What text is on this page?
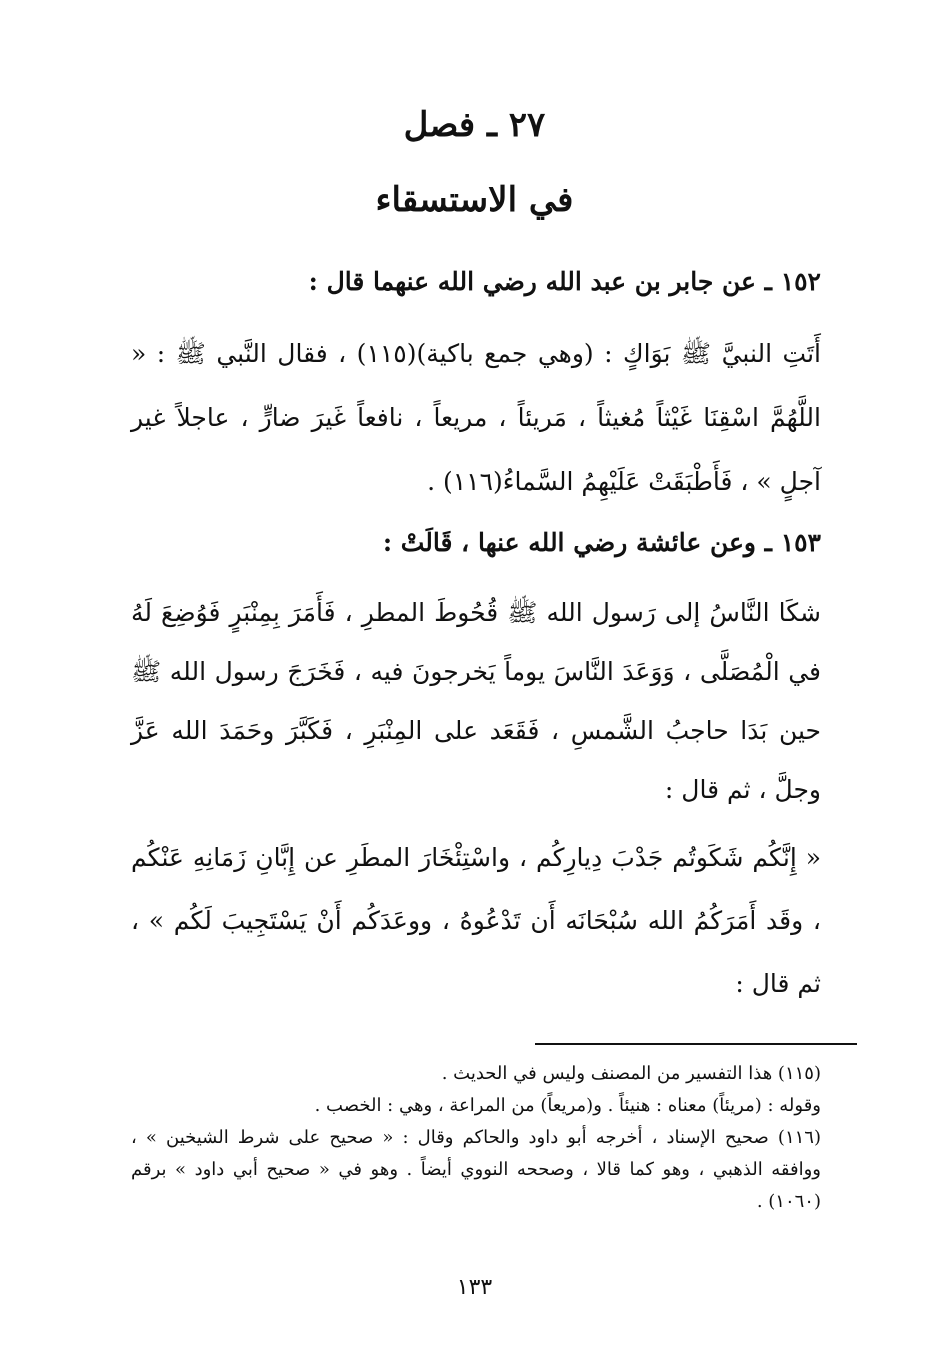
٢٧ ـ فصل
في الاستسقاء

١٥٢ ـ عن جابر بن عبد الله رضي الله عنهما قال :

أَتَتِ النبيَّ ﷺ بَوَاكٍ : (وهي جمع باكية)(١١٥) ، فقال النَّبي ﷺ : « اللَّهُمَّ اسْقِنَا غَيْثاً مُغيثاً ، مَريئاً ، مريعاً ، نافعاً غَيرَ ضارٍّ ، عاجلاً غير آجلٍ » ، فَأَطْبَقَتْ عَلَيْهِمُ السَّماءُ(١١٦) .

١٥٣ ـ وعن عائشة رضي الله عنها ، قَالَتْ :

شكَا النَّاسُ إلى رَسول الله ﷺ قُحُوطَ المطرِ ، فَأَمَرَ بِمِنْبَرٍ فَوُضِعَ لَهُ في الْمُصَلَّى ، وَوَعَدَ النَّاسَ يوماً يَخرجونَ فيه ، فَخَرَجَ رسول الله ﷺ حين بَدَا حاجبُ الشَّمسِ ، فَقَعَد على المِنْبَرِ ، فَكَبَّرَ وحَمَدَ الله عَزَّ وجلَّ ، ثم قال :

« إِنَّكُم شَكَوتُم جَدْبَ دِيارِكُم ، واسْتِئْخَارَ المطَرِ عن إِبَّانِ زَمَانِهِ عَنْكُم ، وقَد أَمَرَكُمُ الله سُبْحَانَه أَن تَدْعُوهُ ، ووعَدَكُم أَنْ يَسْتَجِيبَ لَكُم » ، ثم قال :

(١١٥) هذا التفسير من المصنف وليس في الحديث .

وقوله : (مريئاً) معناه : هنيئاً . و(مريعاً) من المراعة ، وهي : الخصب .

(١١٦) صحيح الإسناد ، أخرجه أبو داود والحاكم وقال : « صحيح على شرط الشيخين » ، ووافقه الذهبي ، وهو كما قالا ، وصححه النووي أيضاً . وهو في « صحيح أبي داود » برقم (١٠٦٠) .

١٣٣
